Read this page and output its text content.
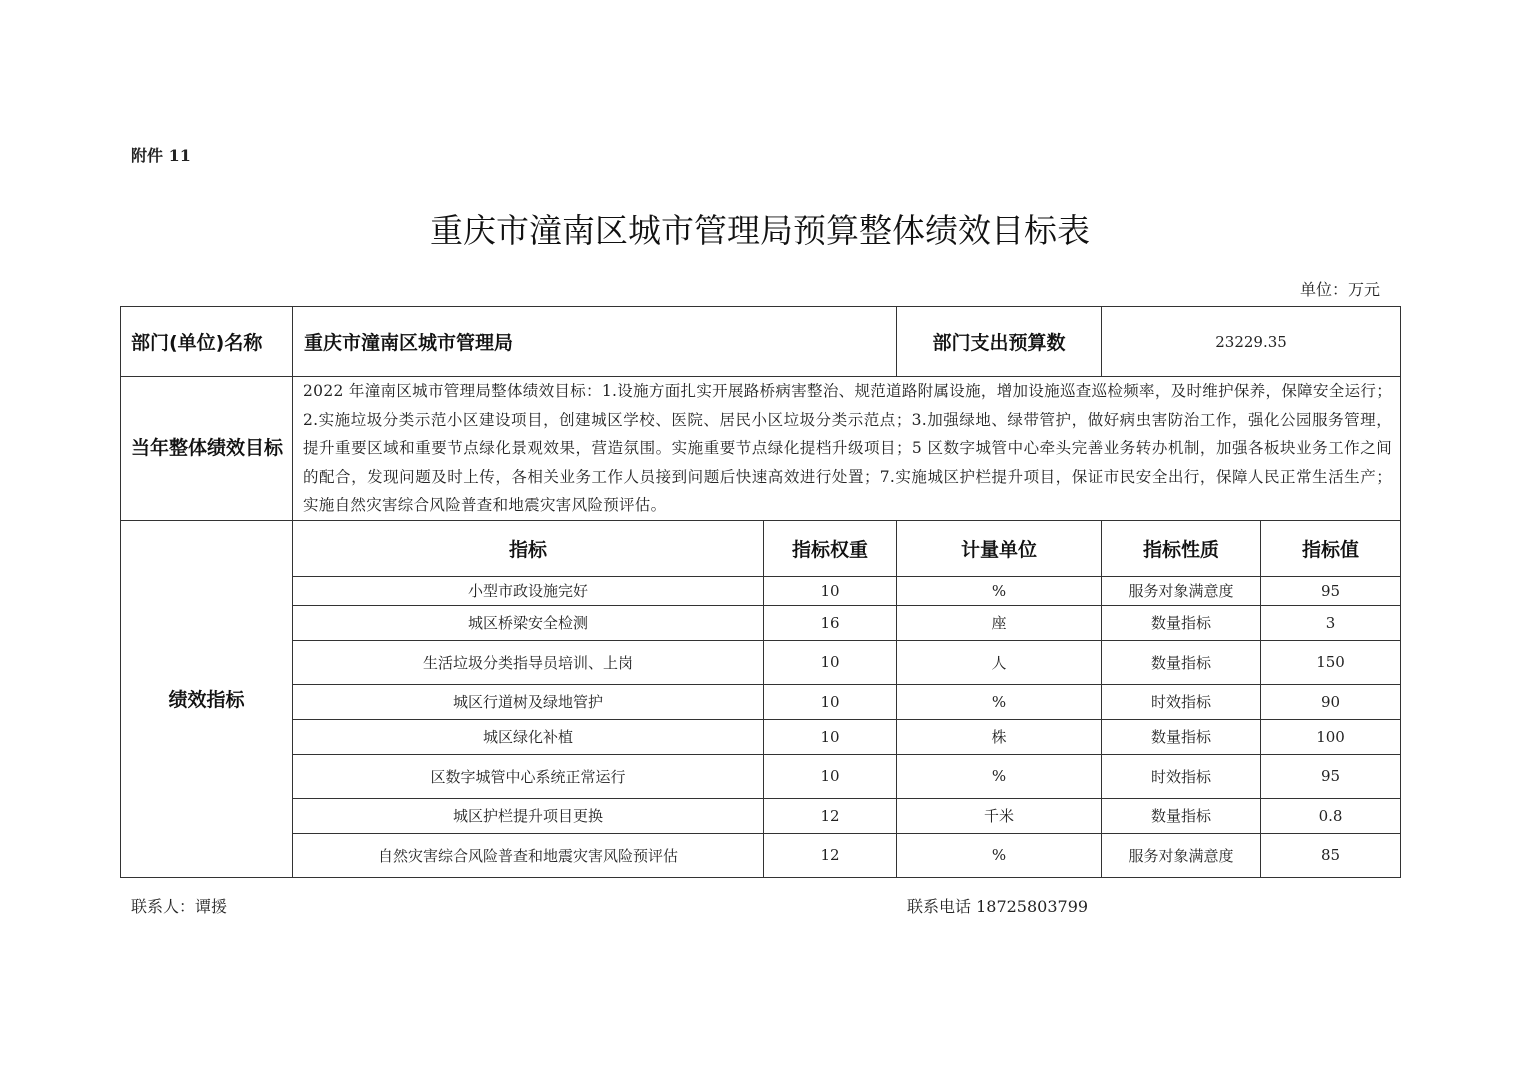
附件 11
重庆市潼南区城市管理局预算整体绩效目标表
单位：万元
部门(单位)名称	重庆市潼南区城市管理局		部门支出预算数	23229.35	
当年整体绩效目标	2022 年潼南区城市管理局整体绩效目标：1.设施方面扎实开展路桥病害整治、规范道路附属设施，增加设施巡查巡检频率，及时维护保养，保障安全运行；2.实施垃圾分类示范小区建设项目，创建城区学校、医院、居民小区垃圾分类示范点；3.加强绿地、绿带管护，做好病虫害防治工作，强化公园服务管理，提升重要区域和重要节点绿化景观效果，营造氛围。实施重要节点绿化提档升级项目；5 区数字城管中心牵头完善业务转办机制，加强各板块业务工作之间的配合，发现问题及时上传，各相关业务工作人员接到问题后快速高效进行处置；7.实施城区护栏提升项目，保证市民安全出行，保障人民正常生活生产；实施自然灾害综合风险普查和地震灾害风险预评估。				
绩效指标	指标	指标权重	计量单位	指标性质	指标值
	小型市政设施完好	10	%	服务对象满意度	95
	城区桥梁安全检测	16	座	数量指标	3
	生活垃圾分类指导员培训、上岗	10	人	数量指标	150
	城区行道树及绿地管护	10	%	时效指标	90
	城区绿化补植	10	株	数量指标	100
	区数字城管中心系统正常运行	10	%	时效指标	95
	城区护栏提升项目更换	12	千米	数量指标	0.8
	自然灾害综合风险普查和地震灾害风险预评估	12	%	服务对象满意度	85
联系人：谭援	联系电话 18725803799
